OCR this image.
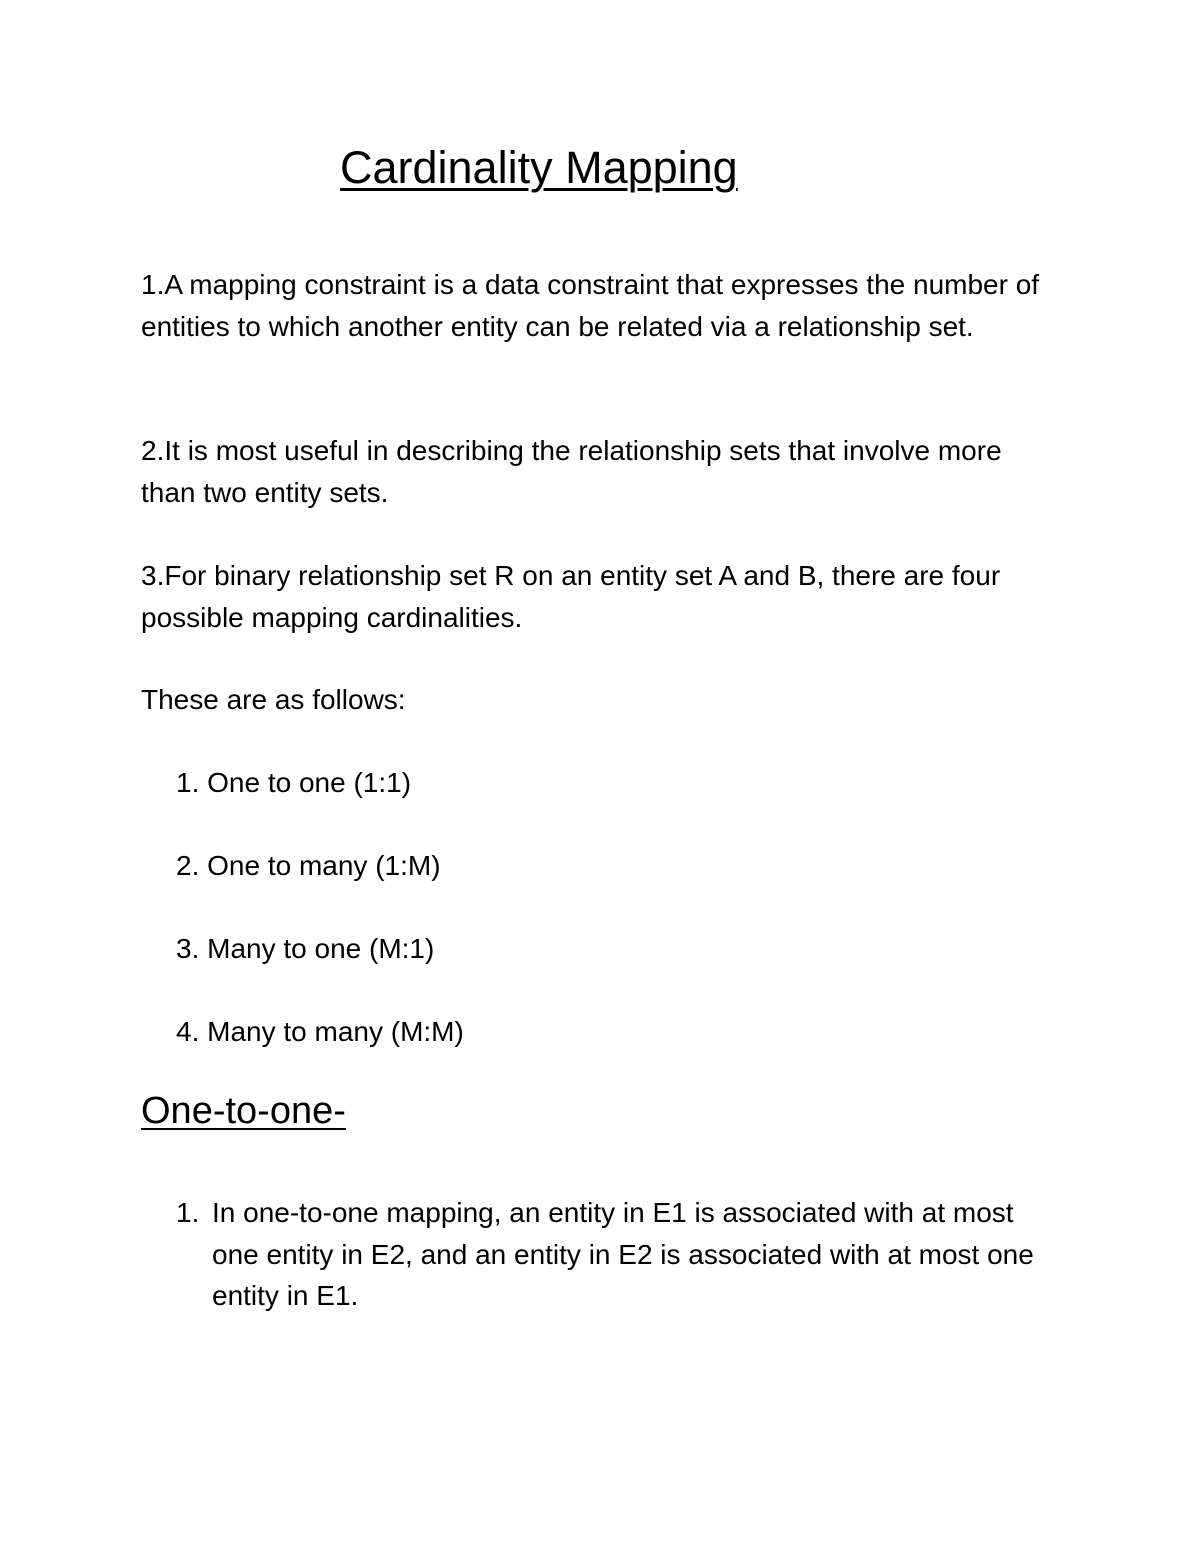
Cardinality Mapping

1.A mapping constraint is a data constraint that expresses the number of entities to which another entity can be related via a relationship set.

2.It is most useful in describing the relationship sets that involve more than two entity sets.

3.For binary relationship set R on an entity set A and B, there are four possible mapping cardinalities.

These are as follows:

1. One to one (1:1)

2. One to many (1:M)

3. Many to one (M:1)

4. Many to many (M:M)

One-to-one-
1. In one-to-one mapping, an entity in E1 is associated with at most one entity in E2, and an entity in E2 is associated with at most one entity in E1.
